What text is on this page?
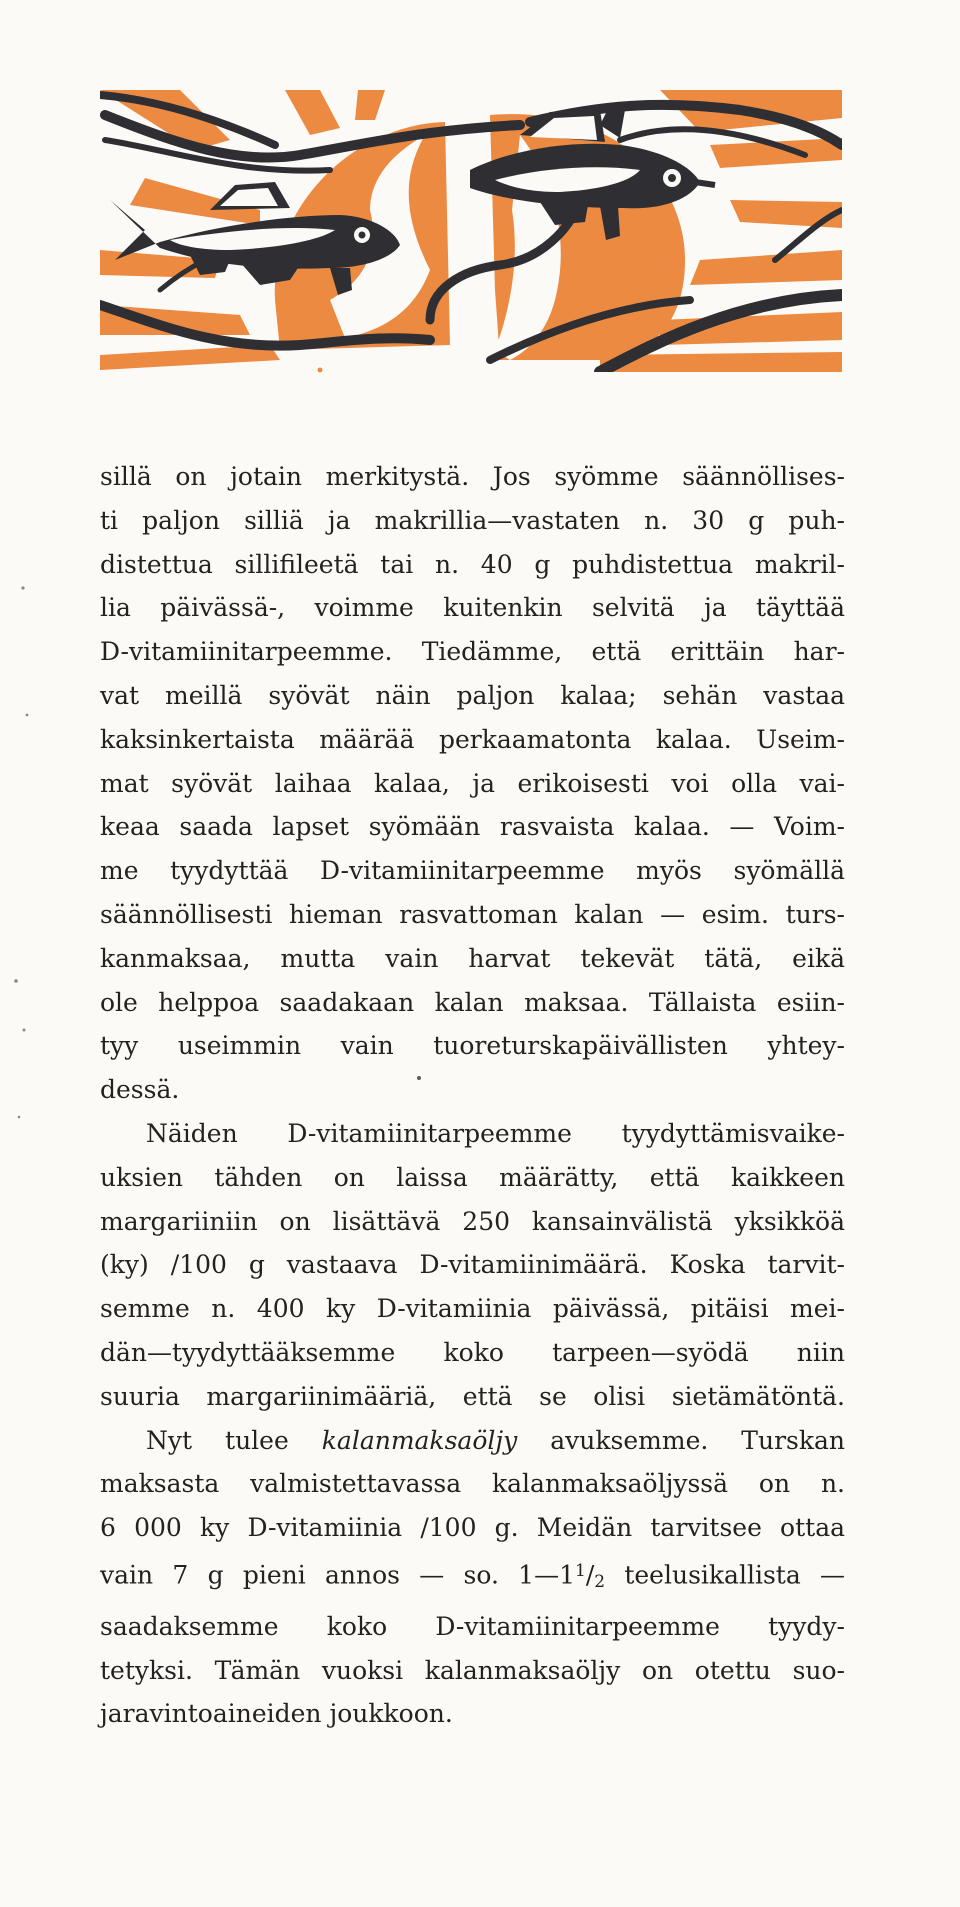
sillä on jotain merkitystä. Jos syömme säännöllises-
ti paljon silliä ja makrillia—vastaten n. 30 g puh-
distettua sillifileetä tai n. 40 g puhdistettua makril-
lia päivässä-, voimme kuitenkin selvitä ja täyttää
D-vitamiinitarpeemme. Tiedämme, että erittäin har-
vat meillä syövät näin paljon kalaa; sehän vastaa
kaksinkertaista määrää perkaamatonta kalaa. Useim-
mat syövät laihaa kalaa, ja erikoisesti voi olla vai-
keaa saada lapset syömään rasvaista kalaa. — Voim-
me tyydyttää D-vitamiinitarpeemme myös syömällä
säännöllisesti hieman rasvattoman kalan — esim. turs-
kanmaksaa, mutta vain harvat tekevät tätä, eikä
ole helppoa saadakaan kalan maksaa. Tällaista esiin-
tyy useimmin vain tuoreturskapäivällisten yhtey-
dessä.

Näiden D-vitamiinitarpeemme tyydyttämisvaike-
uksien tähden on laissa määrätty, että kaikkeen
margariiniin on lisättävä 250 kansainvälistä yksikköä
(ky) /100 g vastaava D-vitamiinimäärä. Koska tarvit-
semme n. 400 ky D-vitamiinia päivässä, pitäisi mei-
dän—tyydyttääksemme koko tarpeen—syödä niin
suuria margariinimääriä, että se olisi sietämätöntä.

Nyt tulee kalanmaksaöljy avuksemme. Turskan
maksasta valmistettavassa kalanmaksaöljyssä on n.
6 000 ky D-vitamiinia /100 g. Meidän tarvitsee ottaa
vain 7 g pieni annos — so. $1—1^1/2$ teelusikallista —
saadaksemme koko D-vitamiinitarpeemme tyydy-
tetyksi. Tämän vuoksi kalanmaksaöljy on otettu suo-
jaravintoaineiden joukkoon.
